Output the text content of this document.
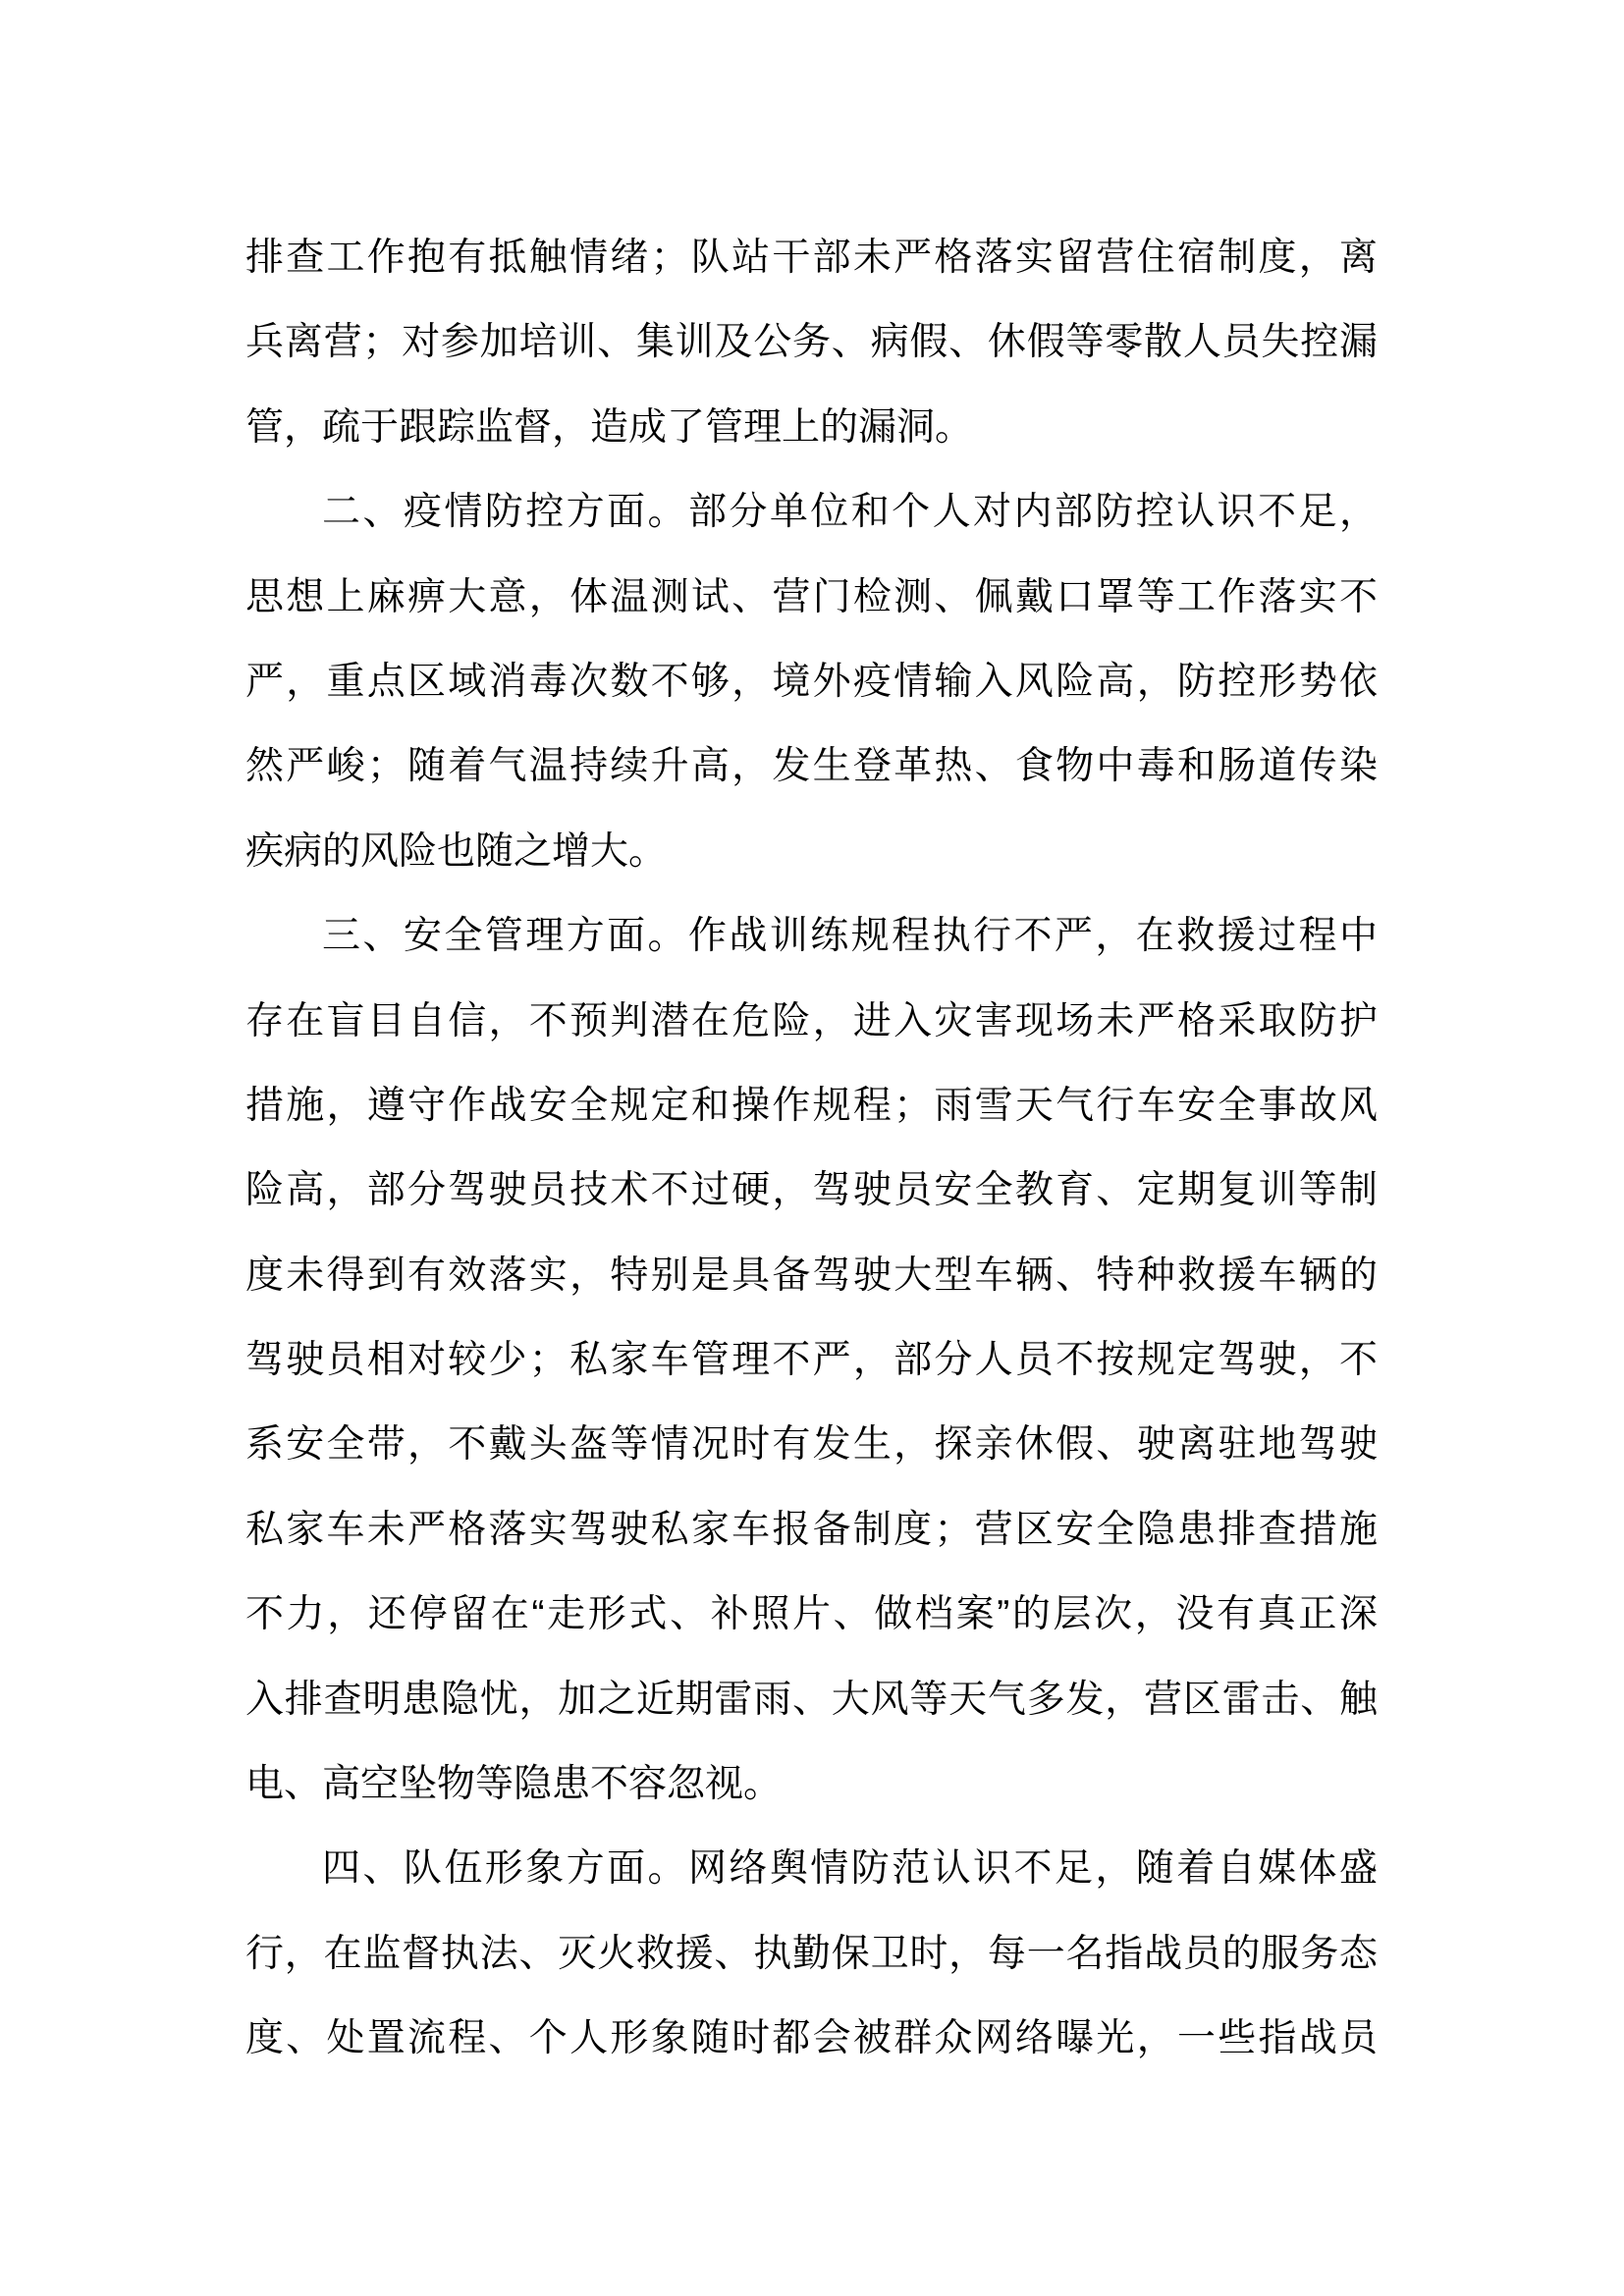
排查工作抱有抵触情绪；队站干部未严格落实留营住宿制度，离
兵离营；对参加培训、集训及公务、病假、休假等零散人员失控漏
管，疏于跟踪监督，造成了管理上的漏洞。
二、疫情防控方面。部分单位和个人对内部防控认识不足，
思想上麻痹大意，体温测试、营门检测、佩戴口罩等工作落实不
严，重点区域消毒次数不够，境外疫情输入风险高，防控形势依
然严峻；随着气温持续升高，发生登革热、食物中毒和肠道传染
疾病的风险也随之增大。
三、安全管理方面。作战训练规程执行不严，在救援过程中
存在盲目自信，不预判潜在危险，进入灾害现场未严格采取防护
措施，遵守作战安全规定和操作规程；雨雪天气行车安全事故风
险高，部分驾驶员技术不过硬，驾驶员安全教育、定期复训等制
度未得到有效落实，特别是具备驾驶大型车辆、特种救援车辆的
驾驶员相对较少；私家车管理不严，部分人员不按规定驾驶，不
系安全带，不戴头盔等情况时有发生，探亲休假、驶离驻地驾驶
私家车未严格落实驾驶私家车报备制度；营区安全隐患排查措施
不力，还停留在“走形式、补照片、做档案”的层次，没有真正深
入排查明患隐忧，加之近期雷雨、大风等天气多发，营区雷击、触
电、高空坠物等隐患不容忽视。
四、队伍形象方面。网络舆情防范认识不足，随着自媒体盛
行，在监督执法、灭火救援、执勤保卫时，每一名指战员的服务态
度、处置流程、个人形象随时都会被群众网络曝光，一些指战员
